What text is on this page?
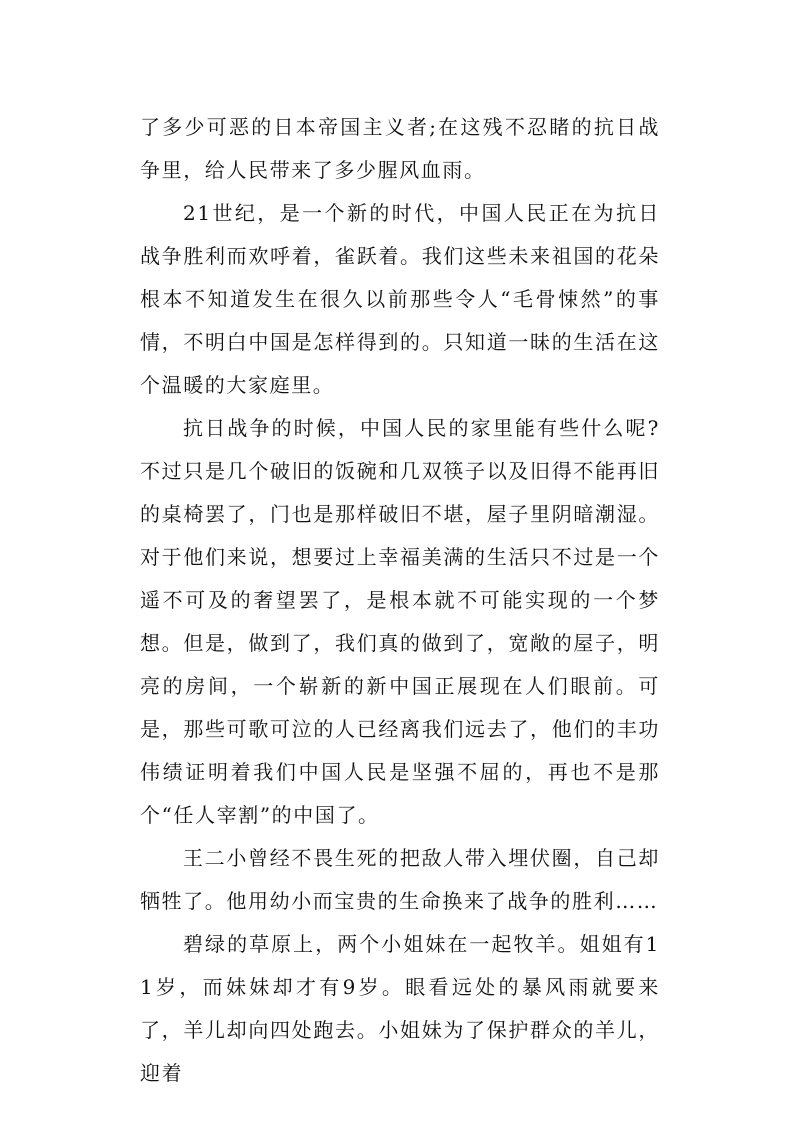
了多少可恶的日本帝国主义者;在这残不忍睹的抗日战争里，给人民带来了多少腥风血雨。

21世纪，是一个新的时代，中国人民正在为抗日战争胜利而欢呼着，雀跃着。我们这些未来祖国的花朵根本不知道发生在很久以前那些令人“毛骨悚然”的事情，不明白中国是怎样得到的。只知道一昧的生活在这个温暖的大家庭里。

抗日战争的时候，中国人民的家里能有些什么呢?不过只是几个破旧的饭碗和几双筷子以及旧得不能再旧的桌椅罢了，门也是那样破旧不堪，屋子里阴暗潮湿。对于他们来说，想要过上幸福美满的生活只不过是一个遥不可及的奢望罢了，是根本就不可能实现的一个梦想。但是，做到了，我们真的做到了，宽敞的屋子，明亮的房间，一个崭新的新中国正展现在人们眼前。可是，那些可歌可泣的人已经离我们远去了，他们的丰功伟绩证明着我们中国人民是坚强不屈的，再也不是那个“任人宰割”的中国了。

王二小曾经不畏生死的把敌人带入埋伏圈，自己却牺牲了。他用幼小而宝贵的生命换来了战争的胜利……

碧绿的草原上，两个小姐妹在一起牧羊。姐姐有11岁，而妹妹却才有9岁。眼看远处的暴风雨就要来了，羊儿却向四处跑去。小姐妹为了保护群众的羊儿，迎着
